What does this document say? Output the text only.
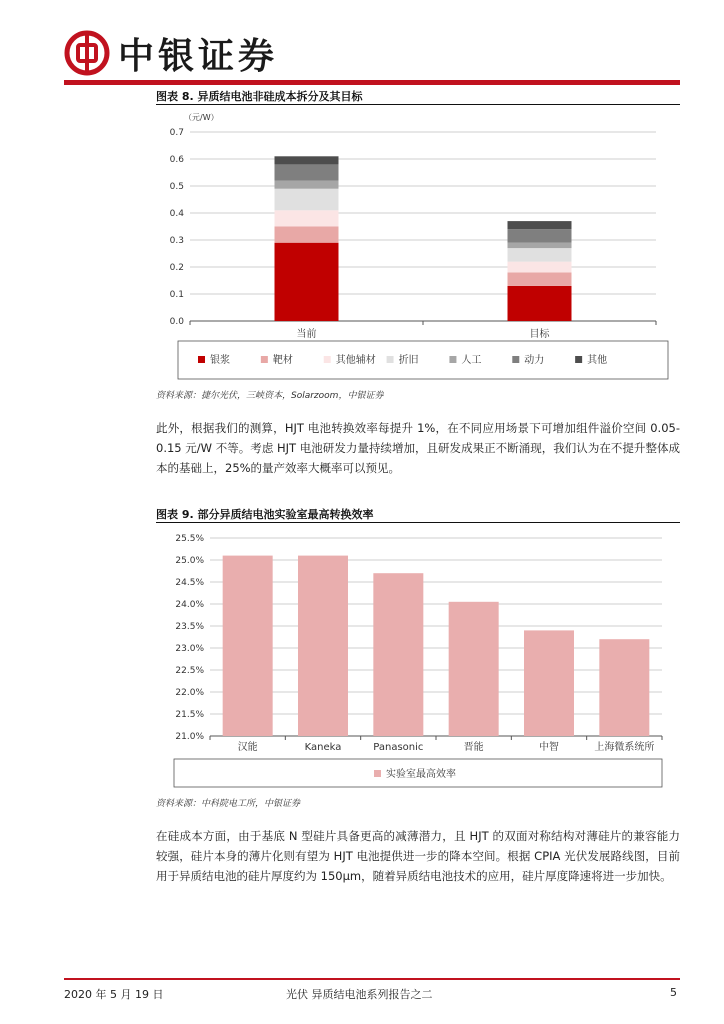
中银证券
图表 8. 异质结电池非硅成本拆分及其目标
（元/W）
0.0
0.1
0.2
0.3
0.4
0.5
0.6
0.7
当前	目标
银浆	靶材	其他辅材 折旧	人工	动力	其他
资料来源：捷尔光伏，三峡资本，Solarzoom，中银证券
此外，根据我们的测算，HJT 电池转换效率每提升 1%，在不同应用场景下可增加组件溢价空间 0.05-0.15 元/W 不等。考虑 HJT 电池研发力量持续增加，且研发成果正不断涌现，我们认为在不提升整体成本的基础上，25%的量产效率大概率可以预见。
图表 9. 部分异质结电池实验室最高转换效率
21.0%
21.5%
22.0%
22.5%
23.0%
23.5%
24.0%
24.5%
25.0%
25.5%
汉能	Kaneka	Panasonic	晋能	中智	上海微系统所
实验室最高效率
资料来源：中科院电工所，中银证券
在硅成本方面，由于基底 N 型硅片具备更高的减薄潜力，且 HJT 的双面对称结构对薄硅片的兼容能力较强，硅片本身的薄片化则有望为 HJT 电池提供进一步的降本空间。根据 CPIA 光伏发展路线图，目前用于异质结电池的硅片厚度约为 150μm，随着异质结电池技术的应用，硅片厚度降速将进一步加快。
2020 年 5 月 19 日	光伏 异质结电池系列报告之二	5
